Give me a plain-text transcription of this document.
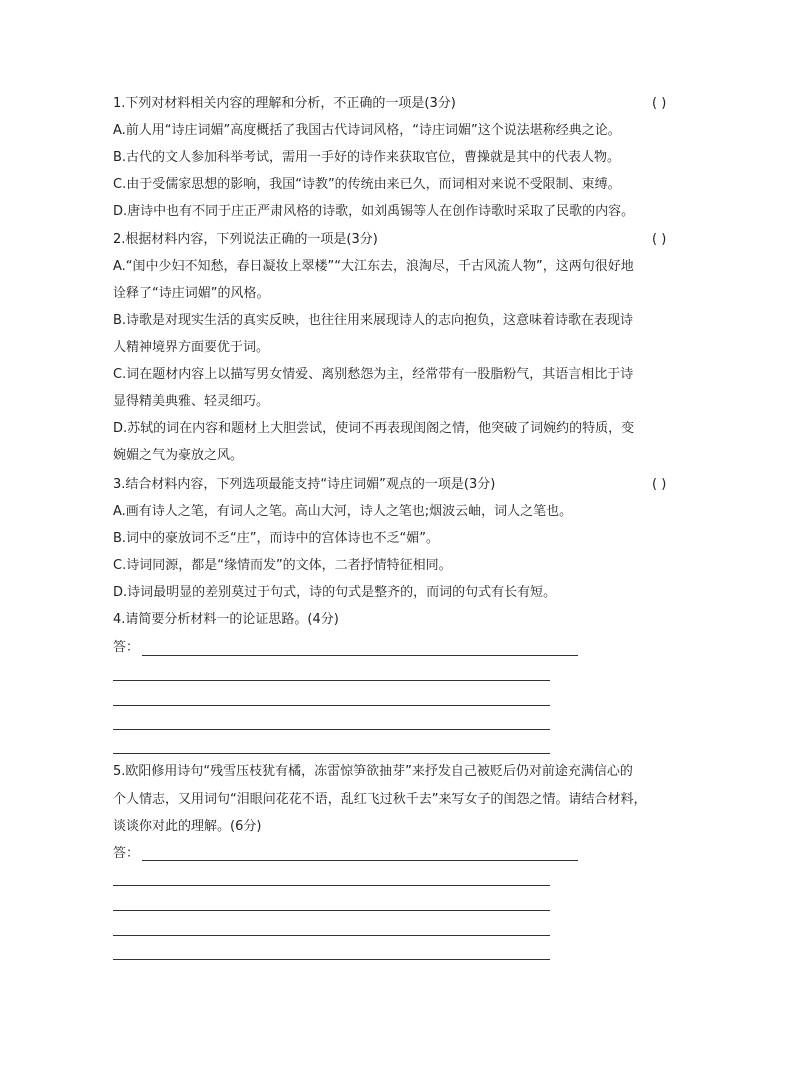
1.下列对材料相关内容的理解和分析，不正确的一项是(3分)	( )
A.前人用“诗庄词媚”高度概括了我国古代诗词风格，“诗庄词媚”这个说法堪称经典之论。
B.古代的文人参加科举考试，需用一手好的诗作来获取官位，曹操就是其中的代表人物。
C.由于受儒家思想的影响，我国“诗教”的传统由来已久，而词相对来说不受限制、束缚。
D.唐诗中也有不同于庄正严肃风格的诗歌，如刘禹锡等人在创作诗歌时采取了民歌的内容。
2.根据材料内容，下列说法正确的一项是(3分)	( )
A.“闺中少妇不知愁，春日凝妆上翠楼”“大江东去，浪淘尽，千古风流人物”，这两句很好地
诠释了“诗庄词媚”的风格。
B.诗歌是对现实生活的真实反映，也往往用来展现诗人的志向抱负，这意味着诗歌在表现诗
人精神境界方面要优于词。
C.词在题材内容上以描写男女情爱、离别愁怨为主，经常带有一股脂粉气，其语言相比于诗
显得精美典雅、轻灵细巧。
D.苏轼的词在内容和题材上大胆尝试，使词不再表现闺阁之情，他突破了词婉约的特质，变
婉媚之气为豪放之风。
3.结合材料内容，下列选项最能支持“诗庄词媚”观点的一项是(3分)	( )
A.画有诗人之笔，有词人之笔。高山大河，诗人之笔也;烟波云岫，词人之笔也。
B.词中的豪放词不乏“庄”，而诗中的宫体诗也不乏“媚”。
C.诗词同源，都是“缘情而发”的文体，二者抒情特征相同。
D.诗词最明显的差别莫过于句式，诗的句式是整齐的，而词的句式有长有短。
4.请简要分析材料一的论证思路。(4分)
答：
5.欧阳修用诗句“残雪压枝犹有橘，冻雷惊笋欲抽芽”来抒发自己被贬后仍对前途充满信心的
个人情志，又用词句“泪眼问花花不语，乱红飞过秋千去”来写女子的闺怨之情。请结合材料，
谈谈你对此的理解。(6分)
答：
